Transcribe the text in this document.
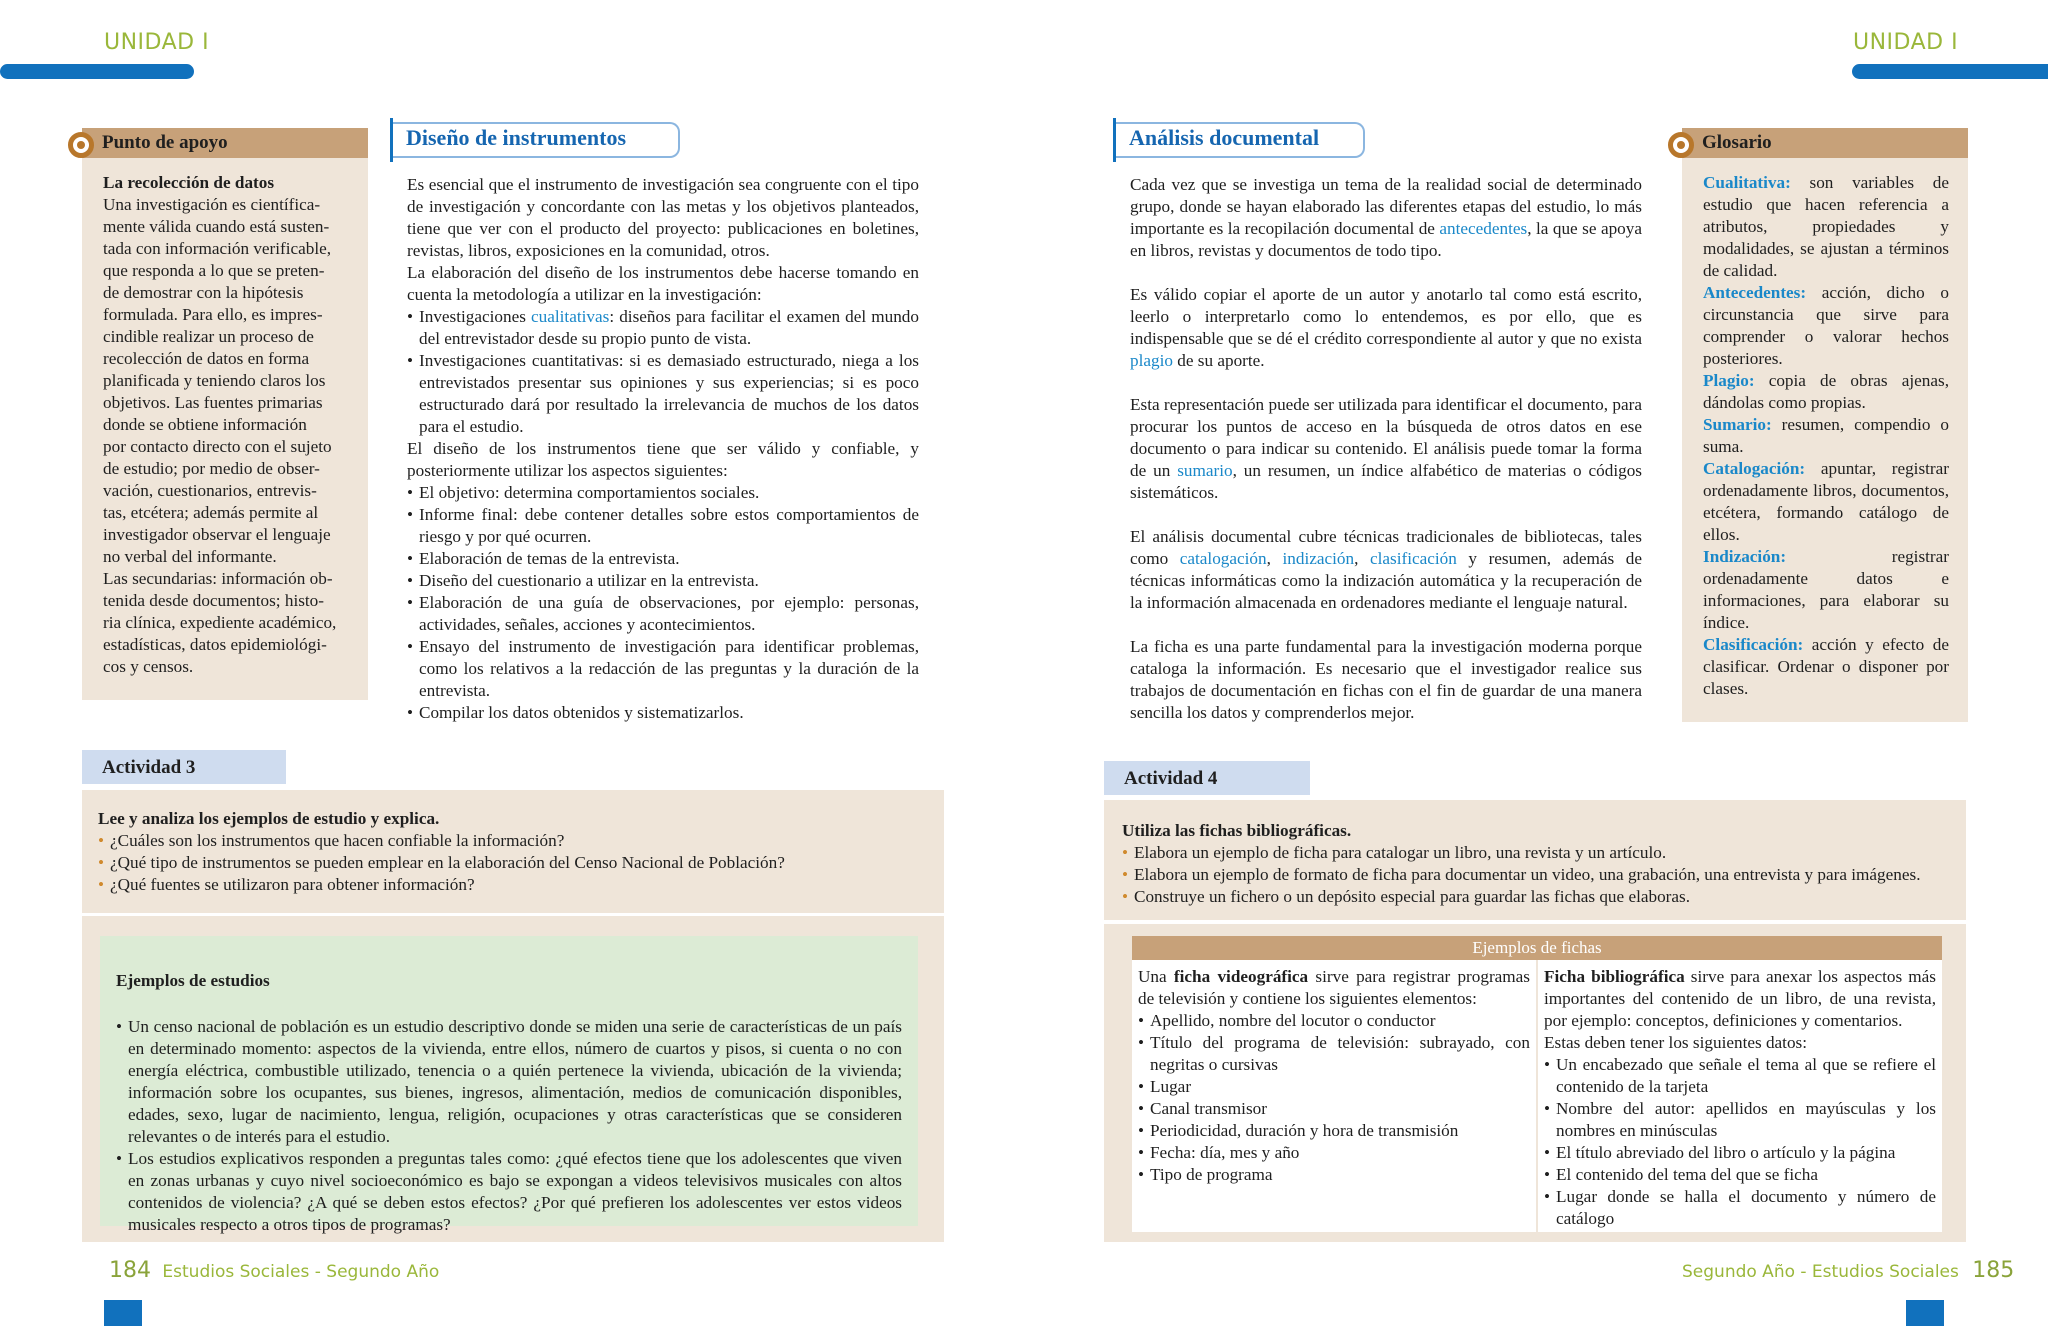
UNIDAD I	UNIDAD I
Punto de apoyo

La recolección de datos

Una investigación es científica-
mente válida cuando está susten-
tada con información verificable,
que responda a lo que se preten-
de demostrar con la hipótesis
formulada. Para ello, es impres-
cindible realizar un proceso de
recolección de datos en forma
planificada y teniendo claros los
objetivos. Las fuentes primarias
donde se obtiene información
por contacto directo con el sujeto
de estudio; por medio de obser-
vación, cuestionarios, entrevis-
tas, etcétera; además permite al
investigador observar el lenguaje
no verbal del informante.
Las secundarias: información ob-
tenida desde documentos; histo-
ria clínica, expediente académico,
estadísticas, datos epidemiológi-
cos y censos.
Diseño de instrumentos

Es esencial que el instrumento de investigación sea congruente con el tipo de investigación y concordante con las metas y los objetivos planteados, tiene que ver con el producto del proyecto: publicaciones en boletines, revistas, libros, exposiciones en la comunidad, otros.

La elaboración del diseño de los instrumentos debe hacerse tomando en cuenta la metodología a utilizar en la investigación:

• Investigaciones cualitativas: diseños para facilitar el examen del mundo del entrevistador desde su propio punto de vista.
• Investigaciones cuantitativas: si es demasiado estructurado, niega a los entrevistados presentar sus opiniones y sus experiencias; si es poco estructurado dará por resultado la irrelevancia de muchos de los datos para el estudio.

El diseño de los instrumentos tiene que ser válido y confiable, y posteriormente utilizar los aspectos siguientes:

• El objetivo: determina comportamientos sociales.
• Informe final: debe contener detalles sobre estos comportamientos de riesgo y por qué ocurren.
• Elaboración de temas de la entrevista.
• Diseño del cuestionario a utilizar en la entrevista.
• Elaboración de una guía de observaciones, por ejemplo: personas, actividades, señales, acciones y acontecimientos.
• Ensayo del instrumento de investigación para identificar problemas, como los relativos a la redacción de las preguntas y la duración de la entrevista.
• Compilar los datos obtenidos y sistematizarlos.
Actividad 3

Lee y analiza los ejemplos de estudio y explica.

• ¿Cuáles son los instrumentos que hacen confiable la información?
• ¿Qué tipo de instrumentos se pueden emplear en la elaboración del Censo Nacional de Población?
• ¿Qué fuentes se utilizaron para obtener información?
Ejemplos de estudios
• Un censo nacional de población es un estudio descriptivo donde se miden una serie de características de un país en determinado momento: aspectos de la vivienda, entre ellos, número de cuartos y pisos, si cuenta o no con energía eléctrica, combustible utilizado, tenencia o a quién pertenece la vivienda, ubicación de la vivienda; información sobre los ocupantes, sus bienes, ingresos, alimentación, medios de comunicación disponibles, edades, sexo, lugar de nacimiento, lengua, religión, ocupaciones y otras características que se consideren relevantes o de interés para el estudio.
• Los estudios explicativos responden a preguntas tales como: ¿qué efectos tiene que los adolescentes que viven en zonas urbanas y cuyo nivel socioeconómico es bajo se expongan a videos televisivos musicales con altos contenidos de violencia? ¿A qué se deben estos efectos? ¿Por qué prefieren los adolescentes ver estos videos musicales respecto a otros tipos de programas?
184 Estudios Sociales - Segundo Año
Análisis documental

Cada vez que se investiga un tema de la realidad social de determinado grupo, donde se hayan elaborado las diferentes etapas del estudio, lo más importante es la recopilación documental de antecedentes, la que se apoya en libros, revistas y documentos de todo tipo.

Es válido copiar el aporte de un autor y anotarlo tal como está escrito, leerlo o interpretarlo como lo entendemos, es por ello, que es indispensable que se dé el crédito correspondiente al autor y que no exista plagio de su aporte.

Esta representación puede ser utilizada para identificar el documento, para procurar los puntos de acceso en la búsqueda de otros datos en ese documento o para indicar su contenido. El análisis puede tomar la forma de un sumario, un resumen, un índice alfabético de materias o códigos sistemáticos.

El análisis documental cubre técnicas tradicionales de bibliotecas, tales como catalogación, indización, clasificación y resumen, además de técnicas informáticas como la indización automática y la recuperación de la información almacenada en ordenadores mediante el lenguaje natural.

La ficha es una parte fundamental para la investigación moderna porque cataloga la información. Es necesario que el investigador realice sus trabajos de documentación en fichas con el fin de guardar de una manera sencilla los datos y comprenderlos mejor.

Glosario

Cualitativa: son variables de estudio que hacen referencia a atributos, propiedades y modalidades, se ajustan a términos de calidad.

Antecedentes: acción, dicho o circunstancia que sirve para comprender o valorar hechos posteriores.

Plagio: copia de obras ajenas, dándolas como propias.

Sumario: resumen, compendio o suma.

Catalogación: apuntar, registrar ordenadamente libros, documentos, etcétera, formando catálogo de ellos.

Indización: registrar ordenadamente datos e informaciones, para elaborar su índice.

Clasificación: acción y efecto de clasificar. Ordenar o disponer por clases.

Actividad 4

Utiliza las fichas bibliográficas.

• Elabora un ejemplo de ficha para catalogar un libro, una revista y un artículo.
• Elabora un ejemplo de formato de ficha para documentar un video, una grabación, una entrevista y para imágenes.
• Construye un fichero o un depósito especial para guardar las fichas que elaboras.
Ejemplos de fichas

Una ficha videográfica sirve para registrar programas de televisión y contiene los siguientes elementos:

• Apellido, nombre del locutor o conductor
• Título del programa de televisión: subrayado, con negritas o cursivas
• Lugar
• Canal transmisor
• Periodicidad, duración y hora de transmisión
• Fecha: día, mes y año
• Tipo de programa

Ficha bibliográfica sirve para anexar los aspectos más importantes del contenido de un libro, de una revista, por ejemplo: conceptos, definiciones y comentarios.

Estas deben tener los siguientes datos:

• Un encabezado que señale el tema al que se refiere el contenido de la tarjeta
• Nombre del autor: apellidos en mayúsculas y los nombres en minúsculas
• El título abreviado del libro o artículo y la página
• El contenido del tema del que se ficha
• Lugar donde se halla el documento y número de catálogo
Segundo Año - Estudios Sociales 185
